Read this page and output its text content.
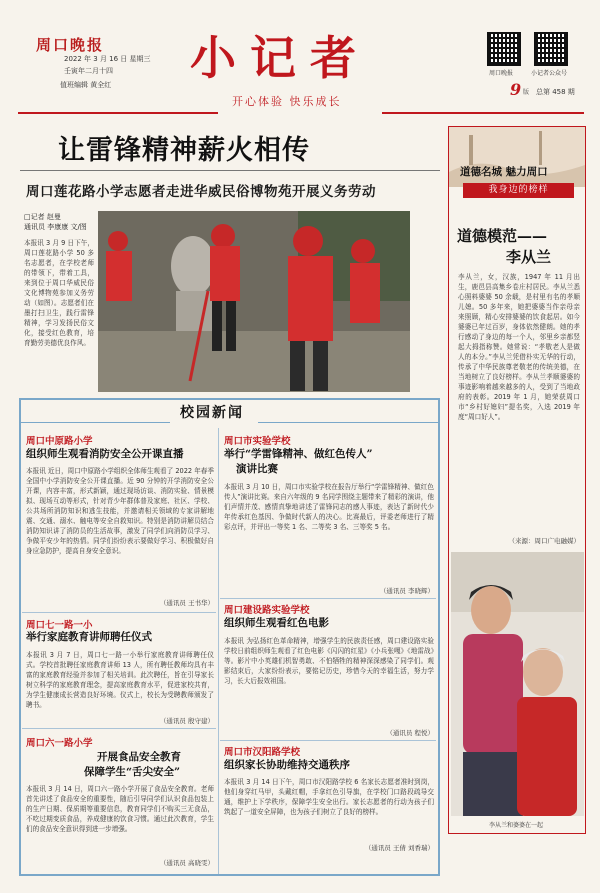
周口晚报
2022 年 3 月 16 日 星期三
壬寅年二月十四
值班编辑 黄全红 小记者
开心体验 快乐成长
周口晚报	小记者公众号
9 版 总第 458 期
让雷锋精神薪火相传
周口莲花路小学志愿者走进华威民俗博物苑开展义务劳动
□记者 赵曼
通讯员 李康康 文/图
本报讯 3 月 9 日下午，周口莲花路小学 50 多名志愿者，在学校老师的带领下，带着工具，来到位于周口华威民俗文化博物苑参加义务劳动（如图）。志愿者们在墨打扫卫生，践行雷锋精神，学习发扬民俗文化，接受红色教育，培育勤劳美德优良作风。
校园新闻
周口中原路小学
组织师生观看消防安全公开课直播
本报讯 近日，周口中原路小学组织全体师生观看了 2022 年春季全国中小学消防安全公开课直播。近 90 分钟的开学消防安全公开课，内容丰富，形式新颖，通过现场访谈、消防实验、情景模拟、现场互动等形式，针对青少年群体普及家庭、社区、学校、公共场所消防知识和逃生技能，并邀请相关领域的专家讲解地震、交通、溺水、触电等安全自救知识。特别是消防讲解员结合消防知识讲了消防员的生活故事，激发了同学们向消防员学习、争做平安少年的热情。同学们纷纷表示要做好学习、积极做好自身应急防护，提高自身安全意识。
（通讯员 王书华）
周口七一路一小
举行家庭教育讲师聘任仪式
本报讯 3 月 7 日，周口七一路一小举行家庭教育讲师聘任仪式。学校首批聘任家庭教育讲师 13 人，所有聘任教师均具有丰富的家庭教育经验并参加了相关培训。此次聘任，旨在引导家长树立科学的家庭教育理念，提高家庭教育水平，促进家校共育，为学生健康成长营造良好环境。仪式上，校长为受聘教师颁发了聘书。
（通讯员 殷守建）
周口六一路小学
开展食品安全教育
保障学生“舌尖安全”
本报讯 3 月 14 日，周口六一路小学开展了食品安全教育。老师首先讲述了食品安全的重要性，随后引导同学们认识食品包装上的生产日期、保质期等重要信息，教育同学们不购买三无食品，不吃过期变质食品，养成健康的饮食习惯。通过此次教育，学生们的食品安全意识得到进一步增强。
（通讯员 高晓雯）
周口市实验学校
举行“学雷锋精神、做红色传人”
演讲比赛
本报讯 3 月 10 日，周口市实验学校在报告厅举行“学雷锋精神、做红色传人”演讲比赛。来自六年级的 9 名同学围绕主题带来了精彩的演讲，他们声情并茂、感情真挚地讲述了雷锋同志的感人事迹，表达了新时代少年传承红色基因、争做时代新人的决心。比赛最后，评委老师进行了精彩点评，并评出一等奖 1 名、二等奖 3 名、三等奖 5 名。
（通讯员 李晓辉）
周口建设路实验学校
组织师生观看红色电影
本报讯 为弘扬红色革命精神，增强学生的民族责任感，周口建设路实验学校日前组织师生观看了红色电影《闪闪的红星》《小兵张嘎》《地雷战》等。影片中小英雄们机智勇敢、不怕牺牲的精神深深感染了同学们。观影结束后，大家纷纷表示，要铭记历史，珍惜今天的幸福生活，努力学习，长大后报效祖国。
（通讯员 程悦）
周口市汉阳路学校
组织家长协助维持交通秩序
本报讯 3 月 14 日下午，周口市汉阳路学校 6 名家长志愿者准时到岗，他们身穿红马甲，头戴红帽，手拿红色引导旗，在学校门口路段疏导交通，维护上下学秩序，保障学生安全出行。家长志愿者的行动为孩子们筑起了一道安全屏障，也为孩子们树立了良好的榜样。
（通讯员 王倩 刘香瑞）
道德名城 魅力周口
我身边的榜样
道德模范——
李从兰
李从兰，女，汉族，1947 年 11 月出生，鹿邑县高集乡卷庄村居民。李从兰悉心照料婆婆 50 余载，是村里有名的孝顺儿媳。50 多年来，她把婆婆当作亲母亲来照顾，精心安排婆婆的饮食起居。如今婆婆已年过百岁，身体依然健朗。她的孝行感动了身边的每一个人，邻里乡亲都竖起大拇指称赞。她常说：“孝敬老人是做人的本分。”李从兰凭借朴实无华的行动，传承了中华民族尊老敬老的传统美德，在当地树立了良好榜样。李从兰孝顺婆婆的事迹影响着越来越多的人，受到了当地政府的表彰。2019 年 1 月，她荣获周口市“乡村好媳妇”提名奖，入选 2019 年度“周口好人”。
（来源：周口广电融媒）
李从兰和婆婆在一起
